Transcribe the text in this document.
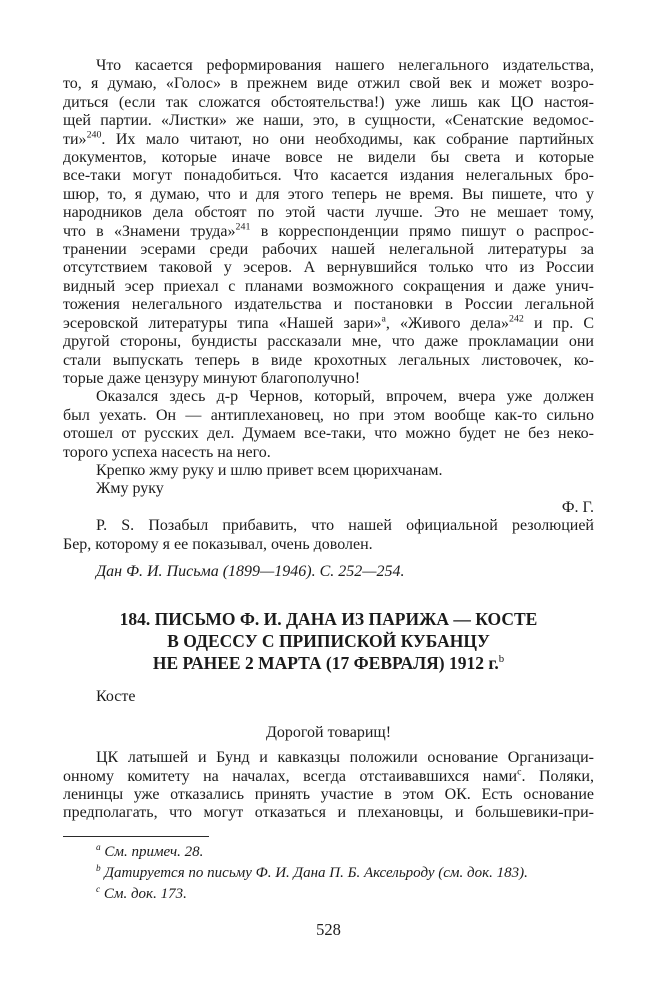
Что касается реформирования нашего нелегального издательства,
то, я думаю, «Голос» в прежнем виде отжил свой век и может возро-
диться (если так сложатся обстоятельства!) уже лишь как ЦО настоя-
щей партии. «Листки» же наши, это, в сущности, «Сенатские ведомос-
ти»$^{240}$. Их мало читают, но они необходимы, как собрание партийных
документов, которые иначе вовсе не видели бы света и которые
все-таки могут понадобиться. Что касается издания нелегальных бро-
шюр, то, я думаю, что и для этого теперь не время. Вы пишете, что у
народников дела обстоят по этой части лучше. Это не мешает тому,
что в «Знамени труда»$^{241}$ в корреспонденции прямо пишут о распрос-
транении эсерами среди рабочих нашей нелегальной литературы за
отсутствием таковой у эсеров. А вернувшийся только что из России
видный эсер приехал с планами возможного сокращения и даже унич-
тожения нелегального издательства и постановки в России легальной
эсеровской литературы типа «Нашей зари»$^a$, «Живого дела»$^{242}$ и пр. С
другой стороны, бундисты рассказали мне, что даже прокламации они
стали выпускать теперь в виде крохотных легальных листовочек, ко-
торые даже цензуру минуют благополучно!
Оказался здесь д-р Чернов, который, впрочем, вчера уже должен
был уехать. Он — антиплехановец, но при этом вообще как-то сильно
отошел от русских дел. Думаем все-таки, что можно будет не без неко-
торого успеха насесть на него.
Крепко жму руку и шлю привет всем цюрихчанам.
Жму руку
Ф. Г.
P. S. Позабыл прибавить, что нашей официальной резолюцией
Бер, которому я ее показывал, очень доволен.
Дан Ф. И. Письма (1899—1946). С. 252—254.
184. ПИСЬМО Ф. И. ДАНА ИЗ ПАРИЖА — КОСТЕ
В ОДЕССУ С ПРИПИСКОЙ КУБАНЦУ
НЕ РАНЕЕ 2 МАРТА (17 ФЕВРАЛЯ) 1912 г.$^b$
Косте
Дорогой товарищ!
ЦК латышей и Бунд и кавказцы положили основание Организаци-
онному комитету на началах, всегда отстаивавшихся нами$^c$. Поляки,
ленинцы уже отказались принять участие в этом ОК. Есть основание
предполагать, что могут отказаться и плехановцы, и большевики-при-
$^a$ См. примеч. 28.
$^b$ Датируется по письму Ф. И. Дана П. Б. Аксельроду (см. док. 183).
$^c$ См. док. 173.
528
